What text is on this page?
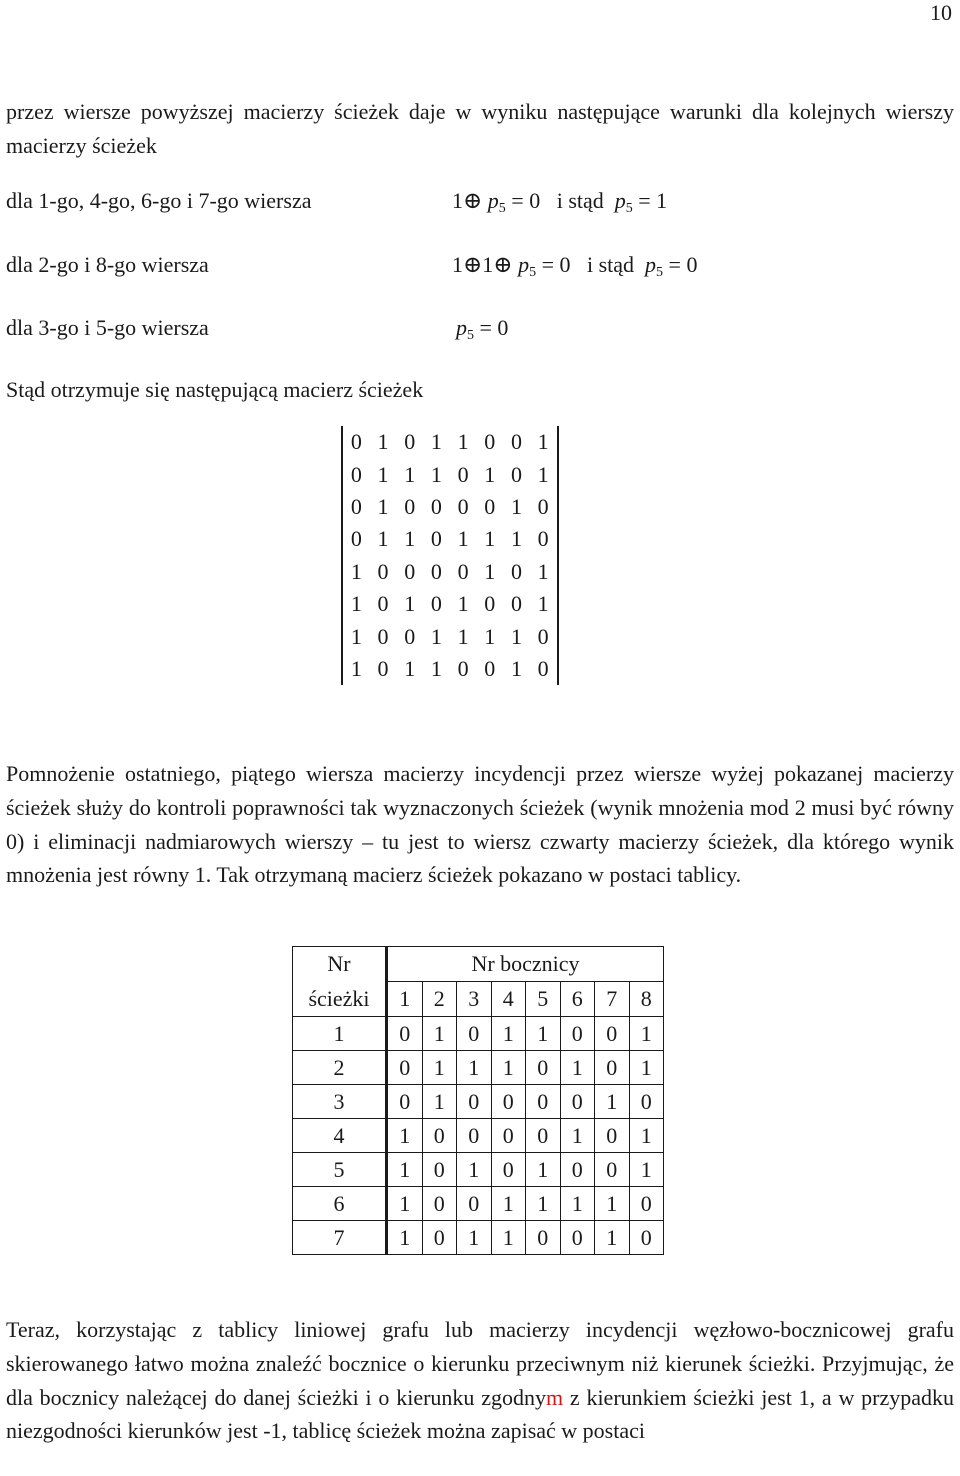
10
przez wiersze powyższej macierzy ścieżek daje w wyniku następujące warunki dla kolejnych wierszy macierzy ścieżek
dla 1-go, 4-go, 6-go i 7-go wiersza	1⊕ $p_5 = 0$ i stąd $p_5 = 1$
dla 2-go i 8-go wiersza	1⊕1⊕ $p_5 = 0$ i stąd $p_5 = 0$
dla 3-go i 5-go wiersza	$p_5 = 0$
Stąd otrzymuje się następującą macierz ścieżek
0	1	0	1	1	0	0	1
0	1	1	1	0	1	0	1
0	1	0	0	0	0	1	0
0	1	1	0	1	1	1	0
1	0	0	0	0	1	0	1
1	0	1	0	1	0	0	1
1	0	0	1	1	1	1	0
1	0	1	1	0	0	1	0
Pomnożenie ostatniego, piątego wiersza macierzy incydencji przez wiersze wyżej pokazanej macierzy ścieżek służy do kontroli poprawności tak wyznaczonych ścieżek (wynik mnożenia mod 2 musi być równy 0) i eliminacji nadmiarowych wierszy – tu jest to wiersz czwarty macierzy ścieżek, dla którego wynik mnożenia jest równy 1. Tak otrzymaną macierz ścieżek pokazano w postaci tablicy.
Nr	Nr bocznicy							
ścieżki	1	2	3	4	5	6	7	8
1	0	1	0	1	1	0	0	1
2	0	1	1	1	0	1	0	1
3	0	1	0	0	0	0	1	0
4	1	0	0	0	0	1	0	1
5	1	0	1	0	1	0	0	1
6	1	0	0	1	1	1	1	0
7	1	0	1	1	0	0	1	0
Teraz, korzystając z tablicy liniowej grafu lub macierzy incydencji węzłowo-bocznicowej grafu skierowanego łatwo można znaleźć bocznice o kierunku przeciwnym niż kierunek ścieżki. Przyjmując, że dla bocznicy należącej do danej ścieżki i o kierunku zgodnym z kierunkiem ścieżki jest 1, a w przypadku niezgodności kierunków jest -1, tablicę ścieżek można zapisać w postaci
